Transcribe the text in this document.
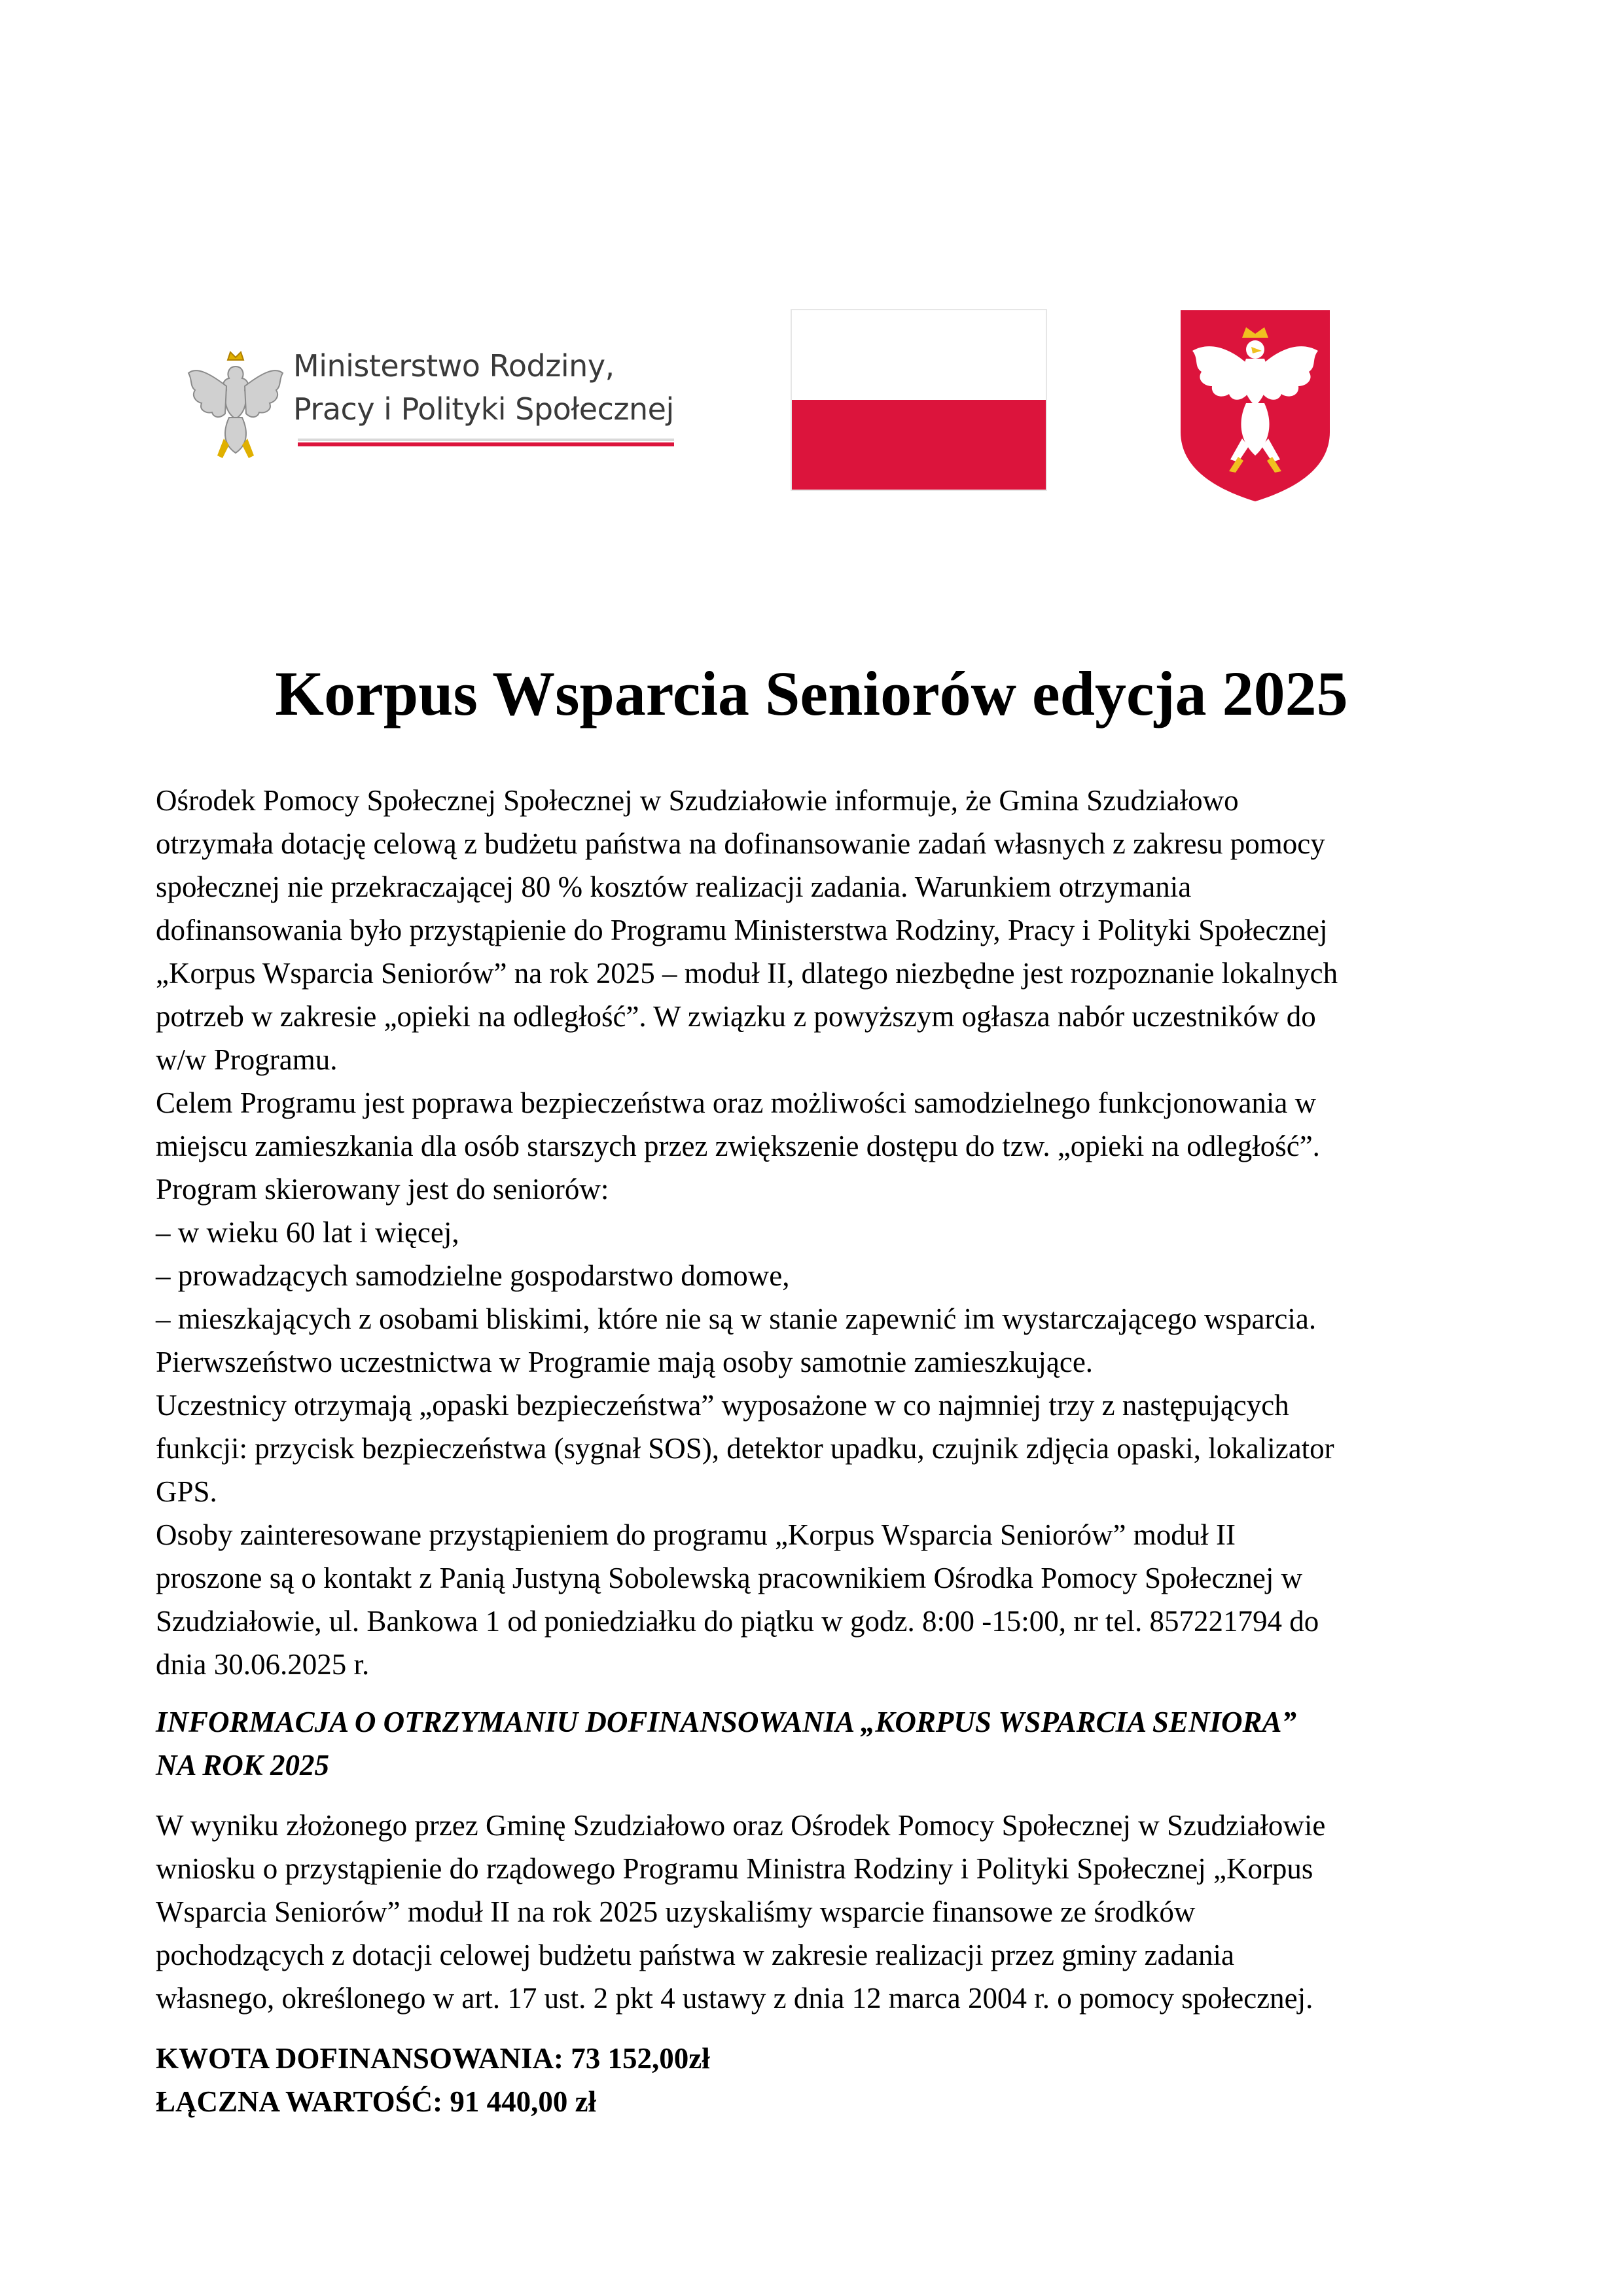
Ministerstwo Rodziny,
Pracy i Polityki Społecznej
Korpus Wsparcia Seniorów edycja 2025

Ośrodek Pomocy Społecznej Społecznej w Szudziałowie informuje, że Gmina Szudziałowo

otrzymała dotację celową z budżetu państwa na dofinansowanie zadań własnych z zakresu pomocy

społecznej nie przekraczającej 80 % kosztów realizacji zadania. Warunkiem otrzymania

dofinansowania było przystąpienie do Programu Ministerstwa Rodziny, Pracy i Polityki Społecznej

„Korpus Wsparcia Seniorów” na rok 2025 – moduł II, dlatego niezbędne jest rozpoznanie lokalnych

potrzeb w zakresie „opieki na odległość”. W związku z powyższym ogłasza nabór uczestników do

w/w Programu.

Celem Programu jest poprawa bezpieczeństwa oraz możliwości samodzielnego funkcjonowania w

miejscu zamieszkania dla osób starszych przez zwiększenie dostępu do tzw. „opieki na odległość”.

Program skierowany jest do seniorów:

– w wieku 60 lat i więcej,

– prowadzących samodzielne gospodarstwo domowe,

– mieszkających z osobami bliskimi, które nie są w stanie zapewnić im wystarczającego wsparcia.

Pierwszeństwo uczestnictwa w Programie mają osoby samotnie zamieszkujące.

Uczestnicy otrzymają „opaski bezpieczeństwa” wyposażone w co najmniej trzy z następujących

funkcji: przycisk bezpieczeństwa (sygnał SOS), detektor upadku, czujnik zdjęcia opaski, lokalizator

GPS.

Osoby zainteresowane przystąpieniem do programu „Korpus Wsparcia Seniorów” moduł II

proszone są o kontakt z Panią Justyną Sobolewską pracownikiem Ośrodka Pomocy Społecznej w

Szudziałowie, ul. Bankowa 1 od poniedziałku do piątku w godz. 8:00 -15:00, nr tel. 857221794 do

dnia 30.06.2025 r.

INFORMACJA O OTRZYMANIU DOFINANSOWANIA „KORPUS WSPARCIA SENIORA”

NA ROK 2025

W wyniku złożonego przez Gminę Szudziałowo oraz Ośrodek Pomocy Społecznej w Szudziałowie

wniosku o przystąpienie do rządowego Programu Ministra Rodziny i Polityki Społecznej „Korpus

Wsparcia Seniorów” moduł II na rok 2025 uzyskaliśmy wsparcie finansowe ze środków

pochodzących z dotacji celowej budżetu państwa w zakresie realizacji przez gminy zadania

własnego, określonego w art. 17 ust. 2 pkt 4 ustawy z dnia 12 marca 2004 r. o pomocy społecznej.

KWOTA DOFINANSOWANIA: 73 152,00zł

ŁĄCZNA WARTOŚĆ: 91 440,00 zł
